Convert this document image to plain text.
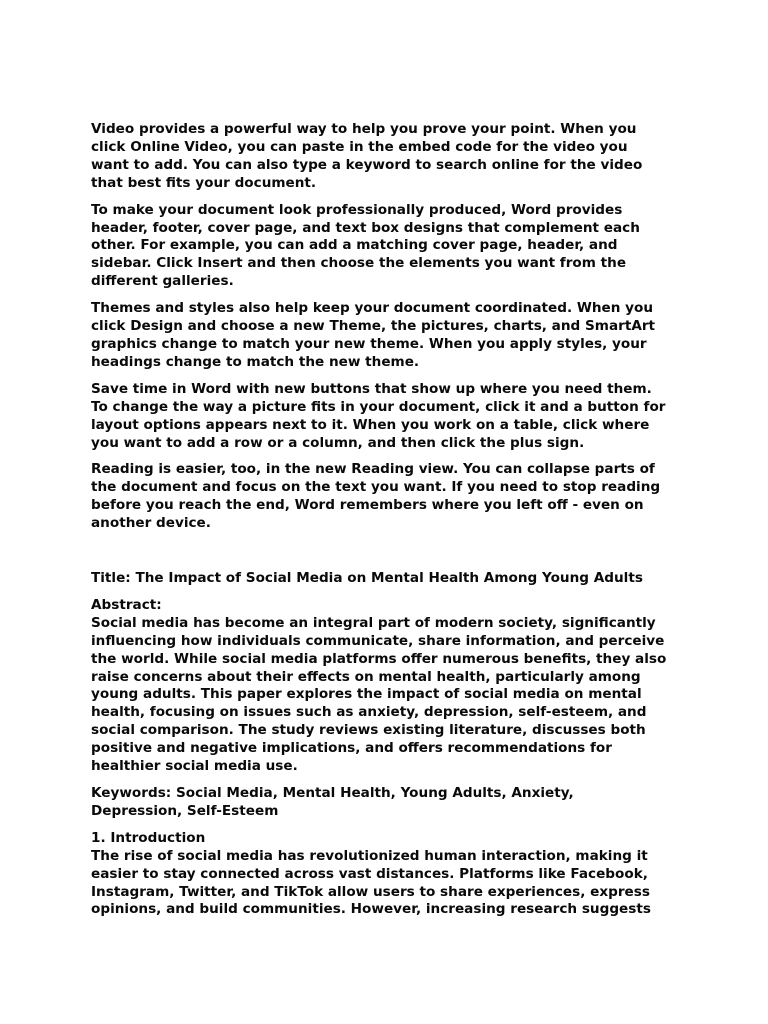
Video provides a powerful way to help you prove your point. When you
click Online Video, you can paste in the embed code for the video you
want to add. You can also type a keyword to search online for the video
that best fits your document.

To make your document look professionally produced, Word provides
header, footer, cover page, and text box designs that complement each
other. For example, you can add a matching cover page, header, and
sidebar. Click Insert and then choose the elements you want from the
different galleries.

Themes and styles also help keep your document coordinated. When you
click Design and choose a new Theme, the pictures, charts, and SmartArt
graphics change to match your new theme. When you apply styles, your
headings change to match the new theme.

Save time in Word with new buttons that show up where you need them.
To change the way a picture fits in your document, click it and a button for
layout options appears next to it. When you work on a table, click where
you want to add a row or a column, and then click the plus sign.

Reading is easier, too, in the new Reading view. You can collapse parts of
the document and focus on the text you want. If you need to stop reading
before you reach the end, Word remembers where you left off - even on
another device.

Title: The Impact of Social Media on Mental Health Among Young Adults

Abstract:

Social media has become an integral part of modern society, significantly
influencing how individuals communicate, share information, and perceive
the world. While social media platforms offer numerous benefits, they also
raise concerns about their effects on mental health, particularly among
young adults. This paper explores the impact of social media on mental
health, focusing on issues such as anxiety, depression, self-esteem, and
social comparison. The study reviews existing literature, discusses both
positive and negative implications, and offers recommendations for
healthier social media use.

Keywords: Social Media, Mental Health, Young Adults, Anxiety,
Depression, Self-Esteem

1. Introduction

The rise of social media has revolutionized human interaction, making it
easier to stay connected across vast distances. Platforms like Facebook,
Instagram, Twitter, and TikTok allow users to share experiences, express
opinions, and build communities. However, increasing research suggests
